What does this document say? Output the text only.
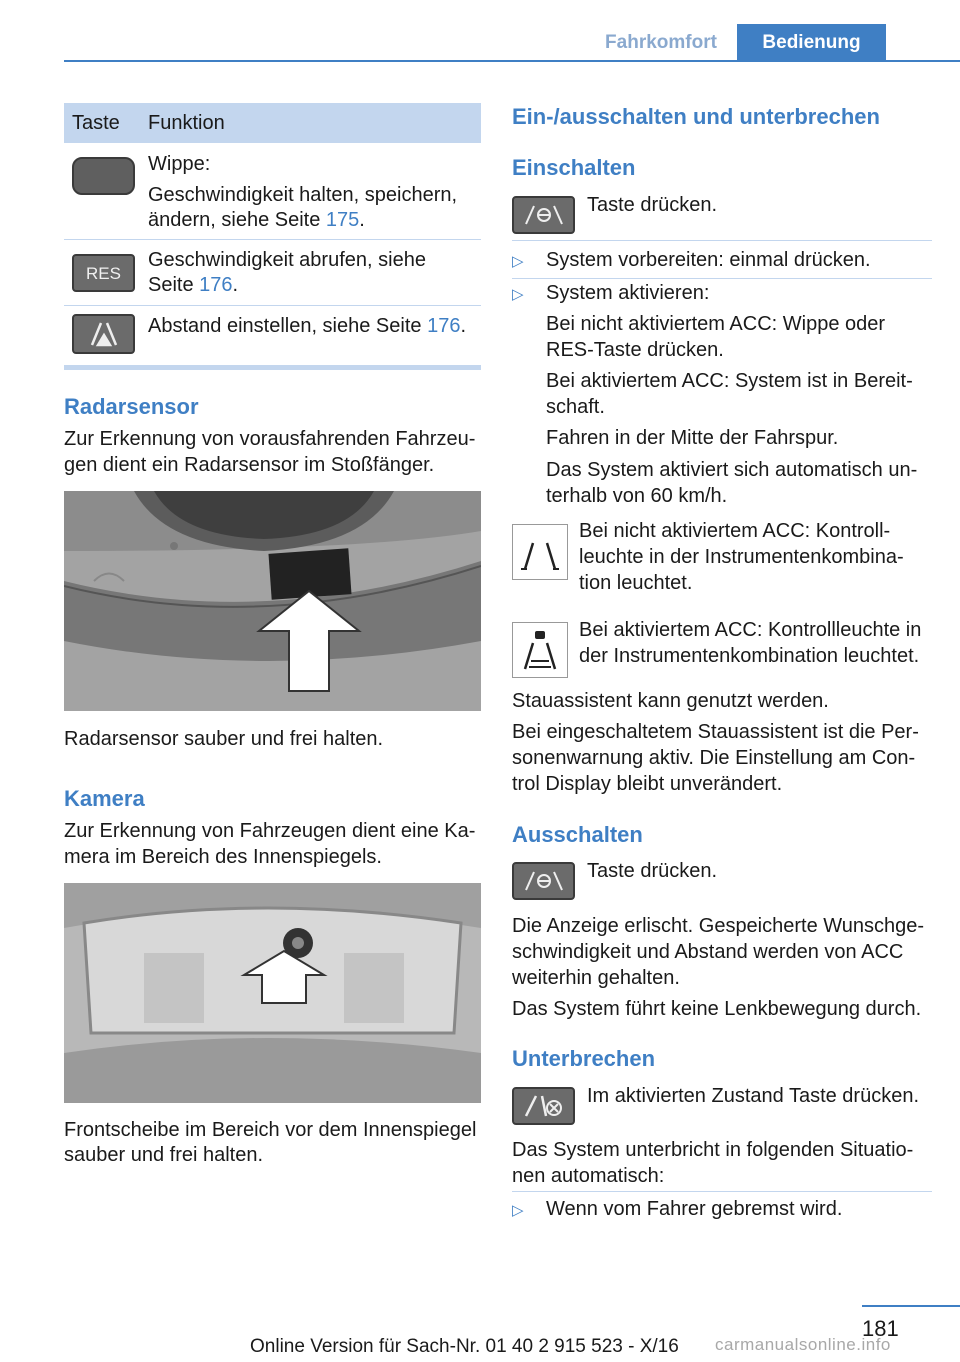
Fahrkomfort	Bedienung
Taste	Funktion
Wippe:
Geschwindigkeit halten, speichern,
ändern, siehe Seite 175.
RES
Geschwindigkeit abrufen, siehe
Seite 176.
Abstand einstellen, siehe Seite 176.
Radarsensor

Zur Erkennung von vorausfahrenden Fahrzeu-

gen dient ein Radarsensor im Stoßfänger.

Radarsensor sauber und frei halten.

Kamera

Zur Erkennung von Fahrzeugen dient eine Ka-

mera im Bereich des Innenspiegels.

Frontscheibe im Bereich vor dem Innenspiegel

sauber und frei halten.

Ein-/ausschalten und unterbrechen
Einschalten

Taste drücken.

▷ System vorbereiten: einmal drücken.

▷ System aktivieren:

Bei nicht aktiviertem ACC: Wippe oder

RES-Taste drücken.

Bei aktiviertem ACC: System ist in Bereit-

schaft.

Fahren in der Mitte der Fahrspur.

Das System aktiviert sich automatisch un-

terhalb von 60 km/h.

Bei nicht aktiviertem ACC: Kontroll-

leuchte in der Instrumentenkombina-

tion leuchtet.

Bei aktiviertem ACC: Kontrollleuchte in

der Instrumentenkombination leuchtet.

Stauassistent kann genutzt werden.

Bei eingeschaltetem Stauassistent ist die Per-

sonenwarnung aktiv. Die Einstellung am Con-

trol Display bleibt unverändert.

Ausschalten

Taste drücken.

Die Anzeige erlischt. Gespeicherte Wunschge-

schwindigkeit und Abstand werden von ACC

weiterhin gehalten.

Das System führt keine Lenkbewegung durch.

Unterbrechen

Im aktivierten Zustand Taste drücken.

Das System unterbricht in folgenden Situatio-

nen automatisch:

▷ Wenn vom Fahrer gebremst wird.

181
Online Version für Sach-Nr. 01 40 2 915 523 - X/16 carmanualsonline.info
